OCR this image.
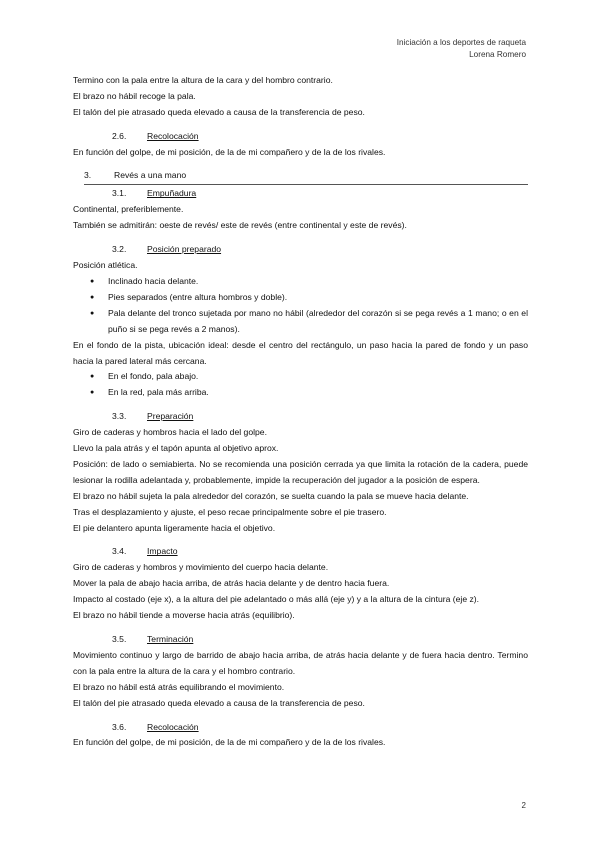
Iniciación a los deportes de raqueta
Lorena Romero
Termino con la pala entre la altura de la cara y del hombro contrario.
El brazo no hábil recoge la pala.
El talón del pie atrasado queda elevado a causa de la transferencia de peso.
2.6. Recolocación
En función del golpe, de mi posición, de la de mi compañero y de la de los rivales.
3.	Revés a una mano
3.1. Empuñadura
Continental, preferiblemente.
También se admitirán: oeste de revés/ este de revés (entre continental y este de revés).
3.2. Posición preparado
Posición atlética.
● Inclinado hacia delante.
● Pies separados (entre altura hombros y doble).
● Pala delante del tronco sujetada por mano no hábil (alrededor del corazón si se pega revés a 1 mano; o en el puño si se pega revés a 2 manos).
En el fondo de la pista, ubicación ideal: desde el centro del rectángulo, un paso hacia la pared de fondo y un paso hacia la pared lateral más cercana.
● En el fondo, pala abajo.
● En la red, pala más arriba.
3.3. Preparación
Giro de caderas y hombros hacia el lado del golpe.
Llevo la pala atrás y el tapón apunta al objetivo aprox.
Posición: de lado o semiabierta. No se recomienda una posición cerrada ya que limita la rotación de la cadera, puede lesionar la rodilla adelantada y, probablemente, impide la recuperación del jugador a la posición de espera.
El brazo no hábil sujeta la pala alrededor del corazón, se suelta cuando la pala se mueve hacia delante.
Tras el desplazamiento y ajuste, el peso recae principalmente sobre el pie trasero.
El pie delantero apunta ligeramente hacia el objetivo.
3.4. Impacto
Giro de caderas y hombros y movimiento del cuerpo hacia delante.
Mover la pala de abajo hacia arriba, de atrás hacia delante y de dentro hacia fuera.
Impacto al costado (eje x), a la altura del pie adelantado o más allá (eje y) y a la altura de la cintura (eje z).
El brazo no hábil tiende a moverse hacia atrás (equilibrio).
3.5. Terminación
Movimiento continuo y largo de barrido de abajo hacia arriba, de atrás hacia delante y de fuera hacia dentro. Termino con la pala entre la altura de la cara y el hombro contrario.
El brazo no hábil está atrás equilibrando el movimiento.
El talón del pie atrasado queda elevado a causa de la transferencia de peso.
3.6. Recolocación
En función del golpe, de mi posición, de la de mi compañero y de la de los rivales.
2
